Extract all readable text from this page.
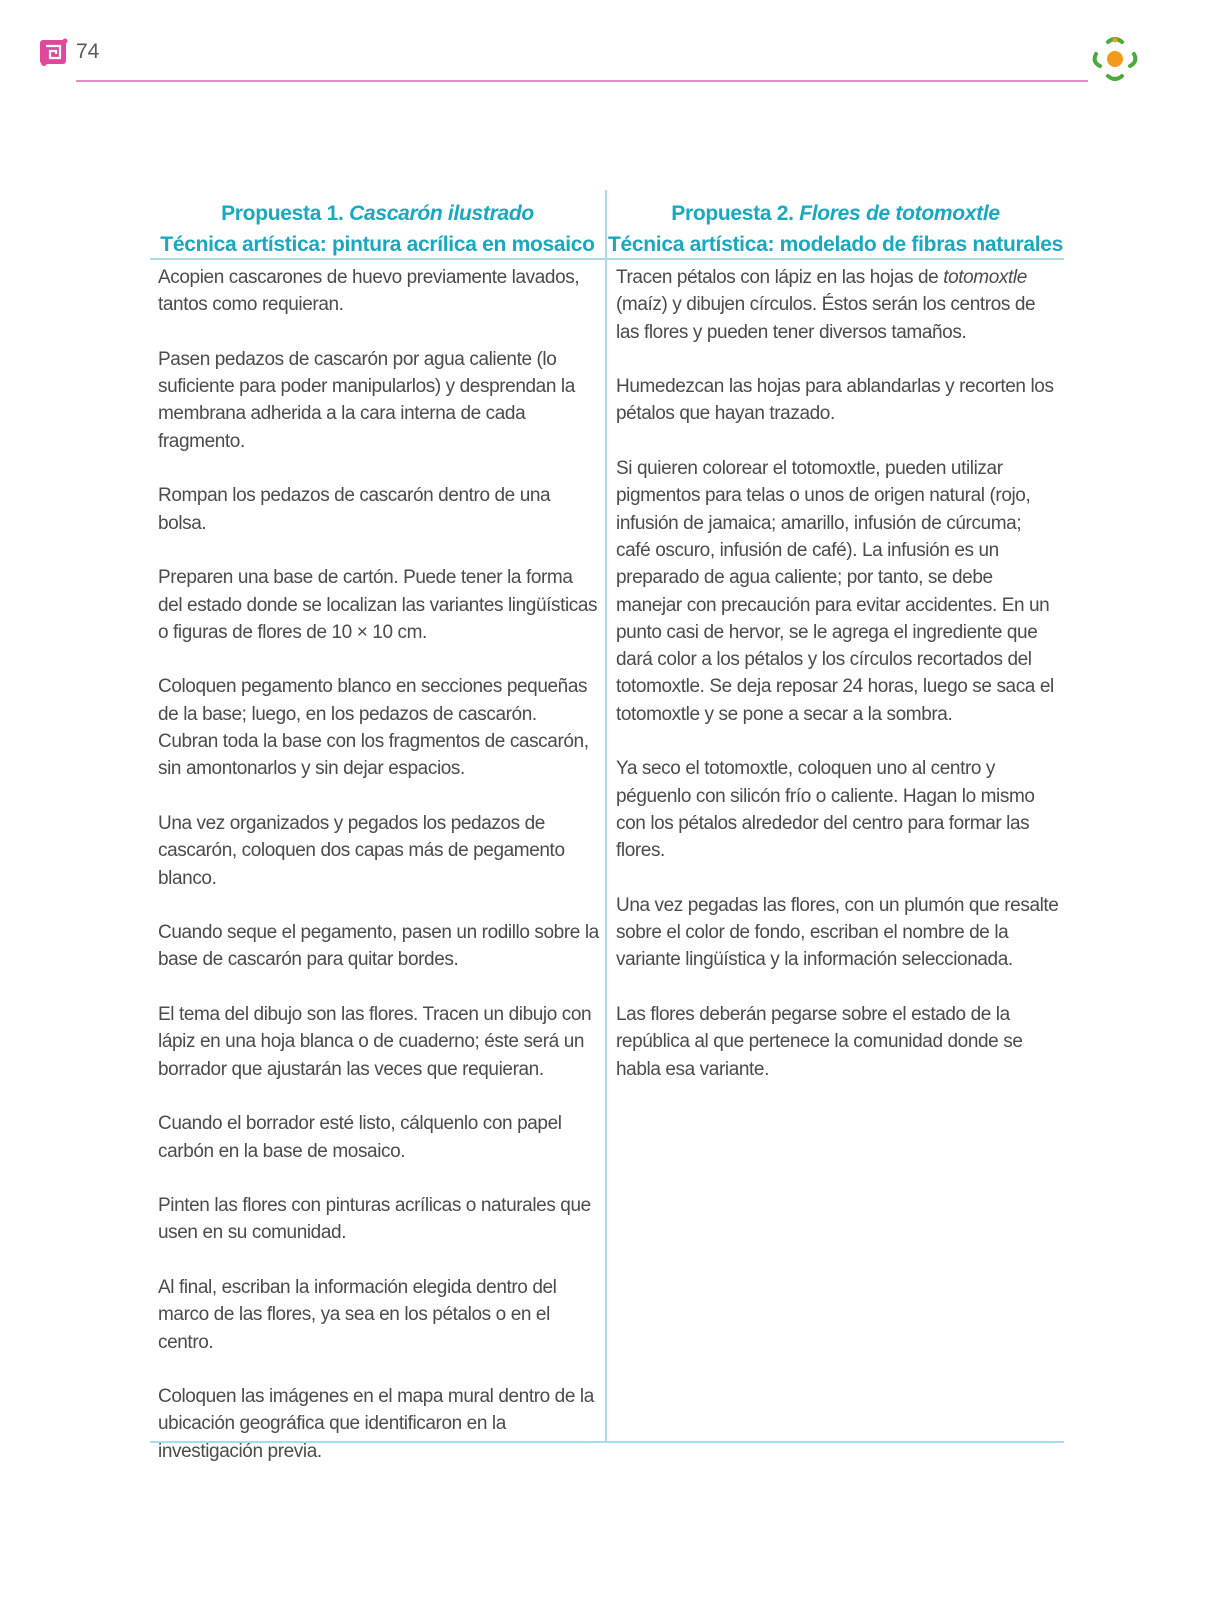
74
Propuesta 1. Cascarón ilustrado
Técnica artística: pintura acrílica en mosaico

Acopien cascarones de huevo previamente lavados, tantos como requieran.

Pasen pedazos de cascarón por agua caliente (lo suficiente para poder manipularlos) y desprendan la membrana adherida a la cara interna de cada fragmento.

Rompan los pedazos de cascarón dentro de una bolsa.

Preparen una base de cartón. Puede tener la forma del estado donde se localizan las variantes lingüísticas o figuras de flores de 10 × 10 cm.

Coloquen pegamento blanco en secciones pequeñas de la base; luego, en los pedazos de cascarón. Cubran toda la base con los fragmentos de cascarón, sin amontonarlos y sin dejar espacios.

Una vez organizados y pegados los pedazos de cascarón, coloquen dos capas más de pegamento blanco.

Cuando seque el pegamento, pasen un rodillo sobre la base de cascarón para quitar bordes.

El tema del dibujo son las flores. Tracen un dibujo con lápiz en una hoja blanca o de cuaderno; éste será un borrador que ajustarán las veces que requieran.

Cuando el borrador esté listo, cálquenlo con papel carbón en la base de mosaico.

Pinten las flores con pinturas acrílicas o naturales que usen en su comunidad.

Al final, escriban la información elegida dentro del marco de las flores, ya sea en los pétalos o en el centro.

Coloquen las imágenes en el mapa mural dentro de la ubicación geográfica que identificaron en la investigación previa.

Propuesta 2. Flores de totomoxtle
Técnica artística: modelado de fibras naturales

Tracen pétalos con lápiz en las hojas de totomoxtle (maíz) y dibujen círculos. Éstos serán los centros de las flores y pueden tener diversos tamaños.

Humedezcan las hojas para ablandarlas y recorten los pétalos que hayan trazado.

Si quieren colorear el totomoxtle, pueden utilizar pigmentos para telas o unos de origen natural (rojo, infusión de jamaica; amarillo, infusión de cúrcuma; café oscuro, infusión de café). La infusión es un preparado de agua caliente; por tanto, se debe manejar con precaución para evitar accidentes. En un punto casi de hervor, se le agrega el ingrediente que dará color a los pétalos y los círculos recortados del totomoxtle. Se deja reposar 24 horas, luego se saca el totomoxtle y se pone a secar a la sombra.

Ya seco el totomoxtle, coloquen uno al centro y péguenlo con silicón frío o caliente. Hagan lo mismo con los pétalos alrededor del centro para formar las flores.

Una vez pegadas las flores, con un plumón que resalte sobre el color de fondo, escriban el nombre de la variante lingüística y la información seleccionada.

Las flores deberán pegarse sobre el estado de la república al que pertenece la comunidad donde se habla esa variante.
